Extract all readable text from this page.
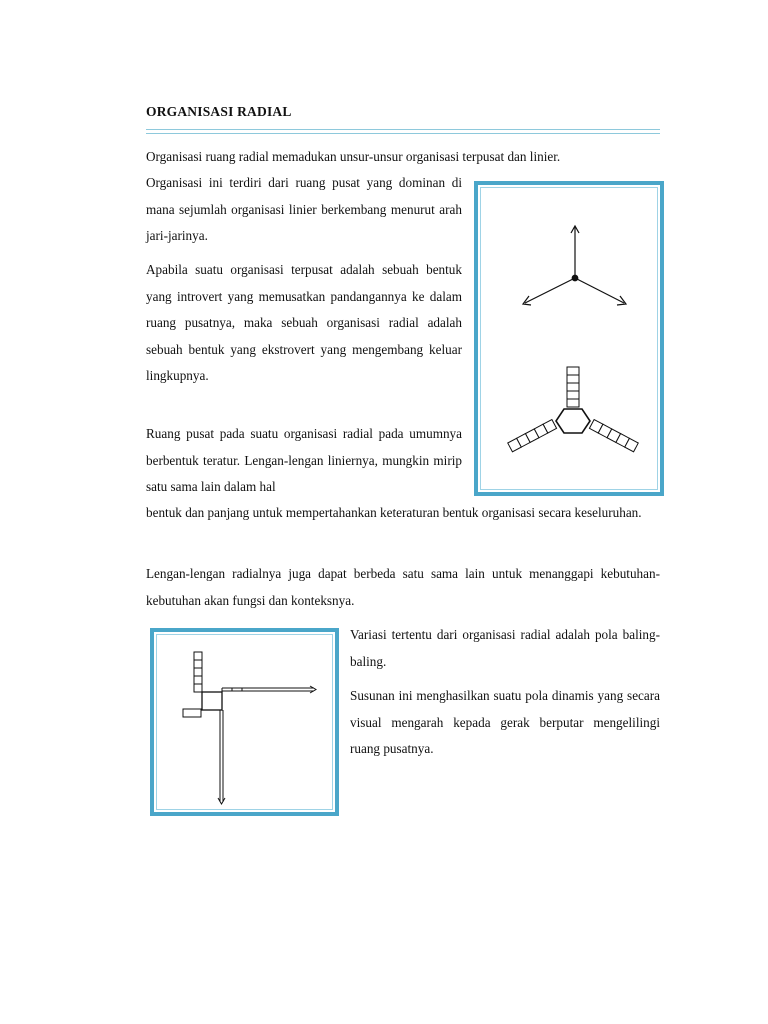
ORGANISASI RADIAL
Organisasi ruang radial memadukan unsur-unsur organisasi terpusat dan linier.
Organisasi ini terdiri dari ruang pusat yang dominan di mana sejumlah organisasi linier berkembang menurut arah jari-jarinya.
Apabila suatu organisasi terpusat adalah sebuah bentuk yang introvert yang memusatkan pandangannya ke dalam ruang pusatnya, maka sebuah organisasi radial adalah sebuah bentuk yang ekstrovert yang mengembang keluar lingkupnya.
Ruang pusat pada suatu organisasi radial pada umumnya berbentuk teratur. Lengan-lengan liniernya, mungkin mirip satu sama lain dalam hal
bentuk dan panjang untuk mempertahankan keteraturan bentuk organisasi secara keseluruhan.
Lengan-lengan radialnya juga dapat berbeda satu sama lain untuk menanggapi kebutuhan-kebutuhan akan fungsi dan konteksnya.
Variasi tertentu dari organisasi radial adalah pola baling-baling.
Susunan ini menghasilkan suatu pola dinamis yang secara visual mengarah kepada gerak berputar mengelilingi ruang pusatnya.
